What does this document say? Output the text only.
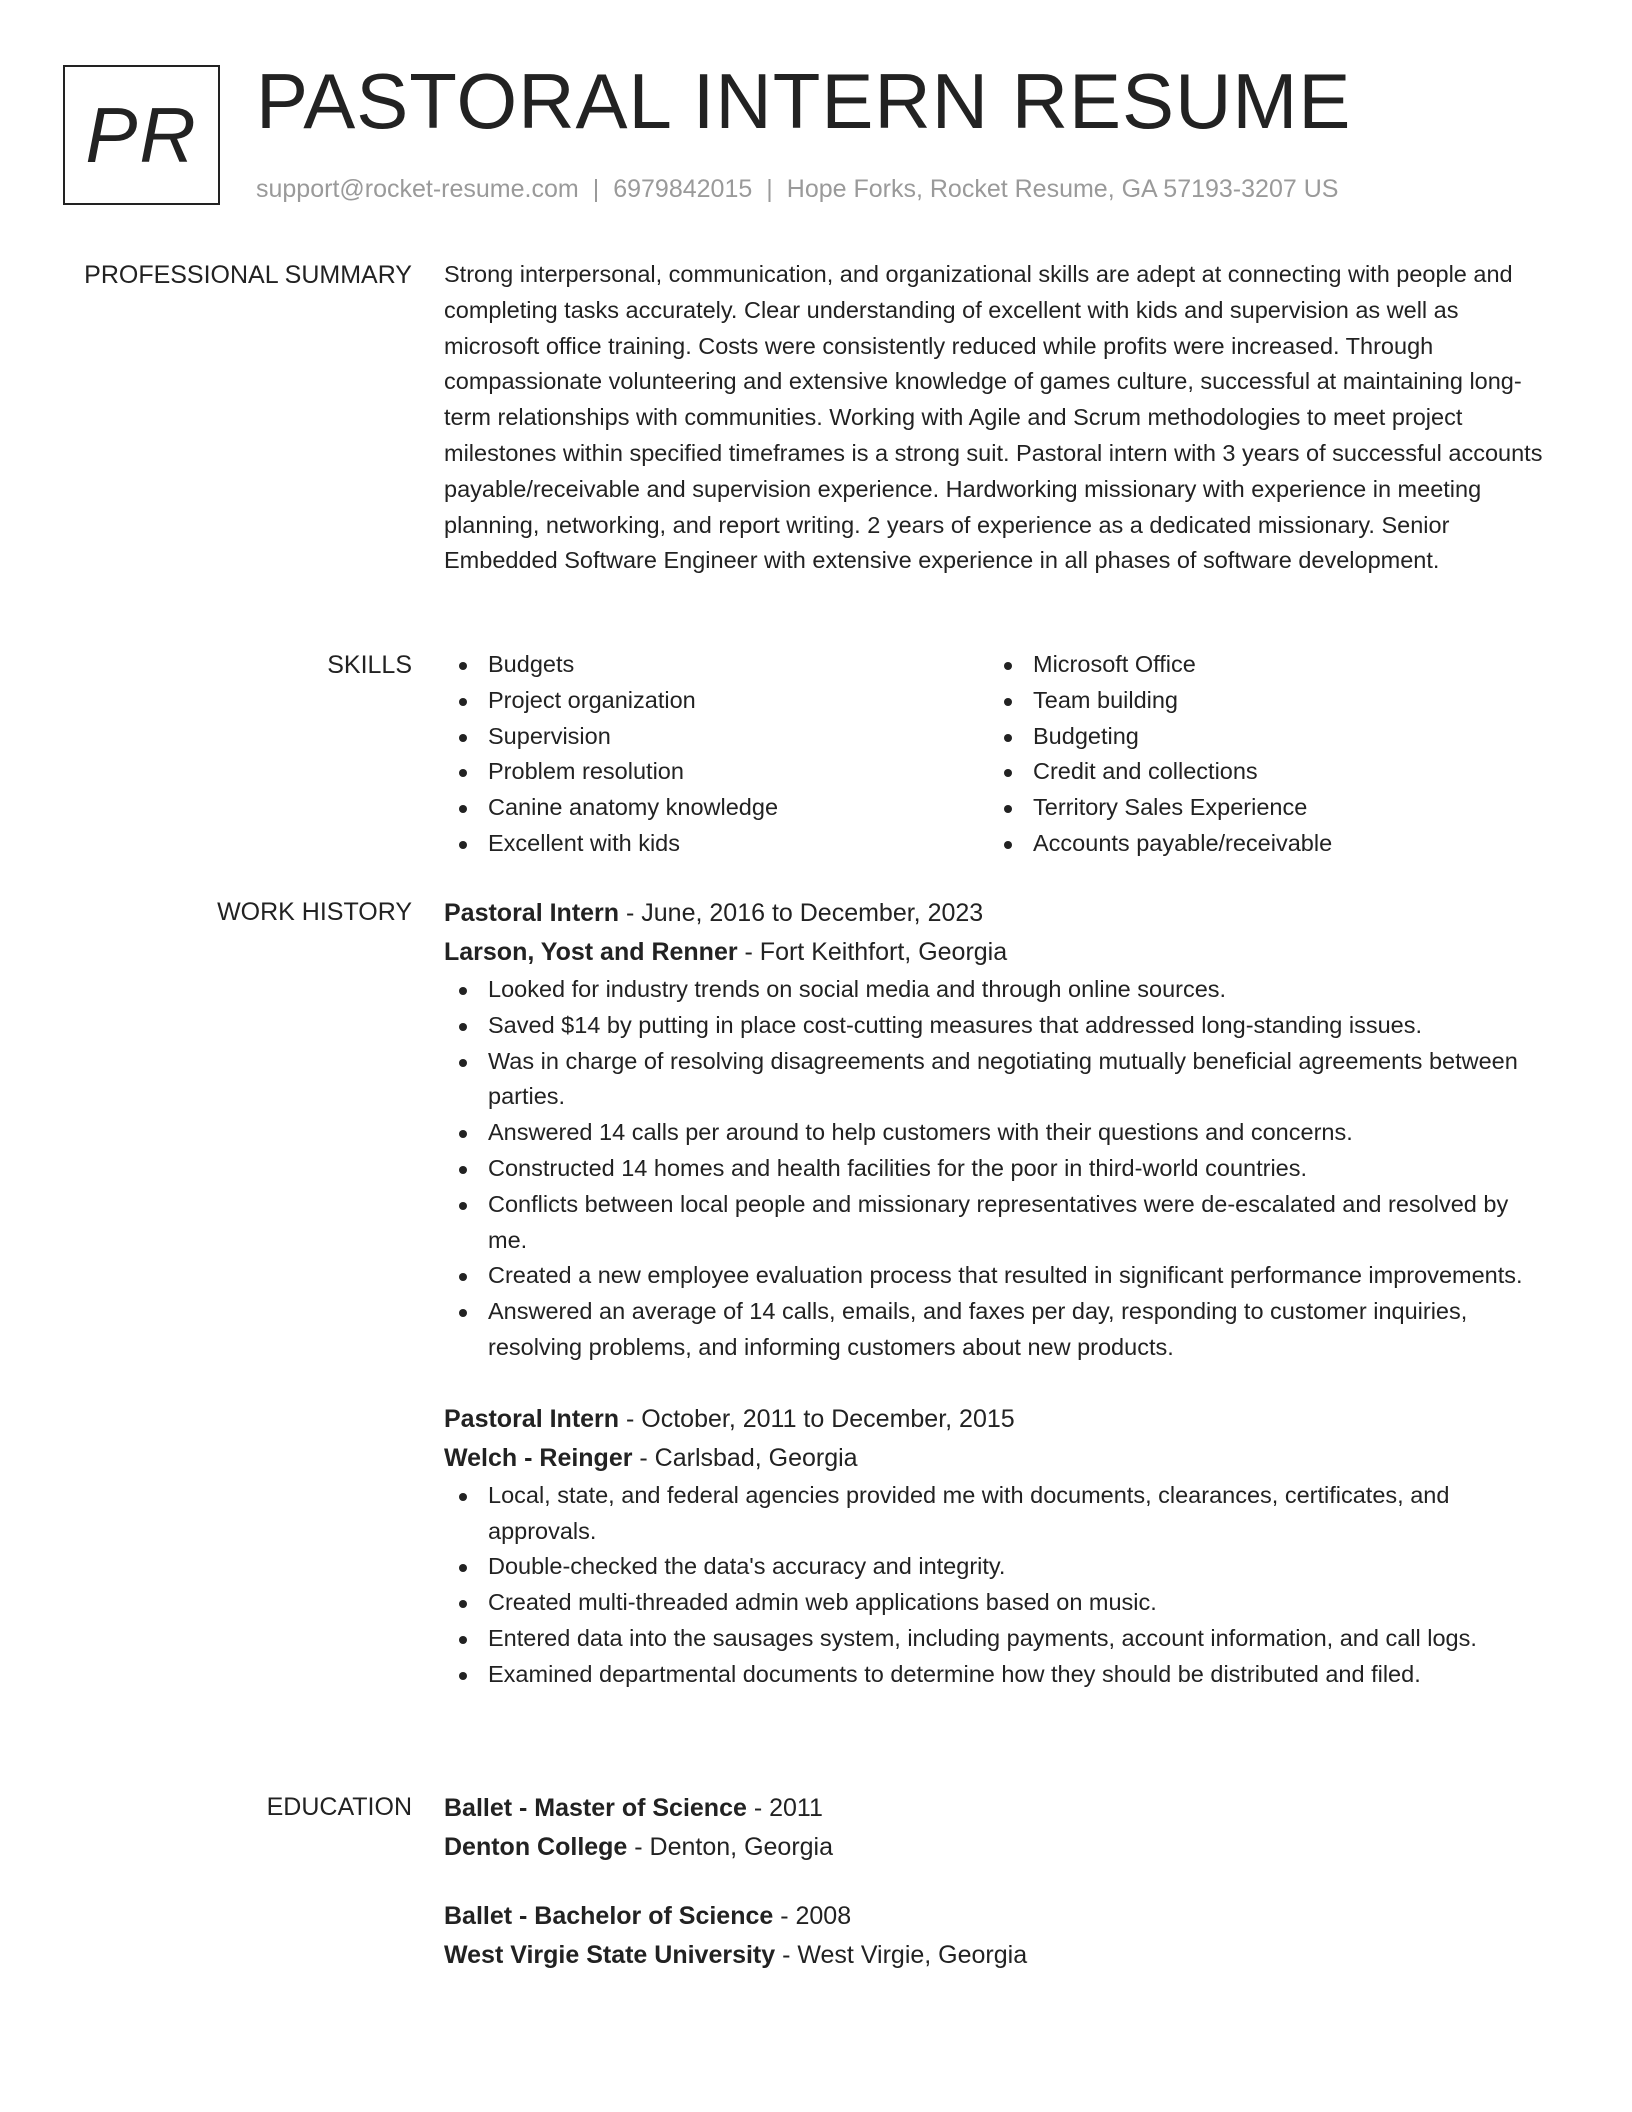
PR PASTORAL INTERN RESUME
support@rocket-resume.com | 6979842015 | Hope Forks, Rocket Resume, GA 57193-3207 US
PROFESSIONAL SUMMARY Strong interpersonal, communication, and organizational skills are adept at connecting with people and completing tasks accurately. Clear understanding of excellent with kids and supervision as well as microsoft office training. Costs were consistently reduced while profits were increased. Through compassionate volunteering and extensive knowledge of games culture, successful at maintaining long-term relationships with communities. Working with Agile and Scrum methodologies to meet project milestones within specified timeframes is a strong suit. Pastoral intern with 3 years of successful accounts payable/receivable and supervision experience. Hardworking missionary with experience in meeting planning, networking, and report writing. 2 years of experience as a dedicated missionary. Senior Embedded Software Engineer with extensive experience in all phases of software development.

SKILLS	Budgets
Project organization
Supervision
Problem resolution
Canine anatomy knowledge
Excellent with kids
Microsoft Office
Team building
Budgeting
Credit and collections
Territory Sales Experience
Accounts payable/receivable
WORK HISTORY Pastoral Intern - June, 2016 to December, 2023
Larson, Yost and Renner - Fort Keithfort, Georgia
Looked for industry trends on social media and through online sources.
Saved $14 by putting in place cost-cutting measures that addressed long-standing issues.
Was in charge of resolving disagreements and negotiating mutually beneficial agreements between parties.
Answered 14 calls per around to help customers with their questions and concerns.
Constructed 14 homes and health facilities for the poor in third-world countries.
Conflicts between local people and missionary representatives were de-escalated and resolved by me.
Created a new employee evaluation process that resulted in significant performance improvements.
Answered an average of 14 calls, emails, and faxes per day, responding to customer inquiries, resolving problems, and informing customers about new products.
Pastoral Intern - October, 2011 to December, 2015
Welch - Reinger - Carlsbad, Georgia
Local, state, and federal agencies provided me with documents, clearances, certificates, and approvals.
Double-checked the data's accuracy and integrity.
Created multi-threaded admin web applications based on music.
Entered data into the sausages system, including payments, account information, and call logs.
Examined departmental documents to determine how they should be distributed and filed.
EDUCATION Ballet - Master of Science - 2011
Denton College - Denton, Georgia
Ballet - Bachelor of Science - 2008
West Virgie State University - West Virgie, Georgia
